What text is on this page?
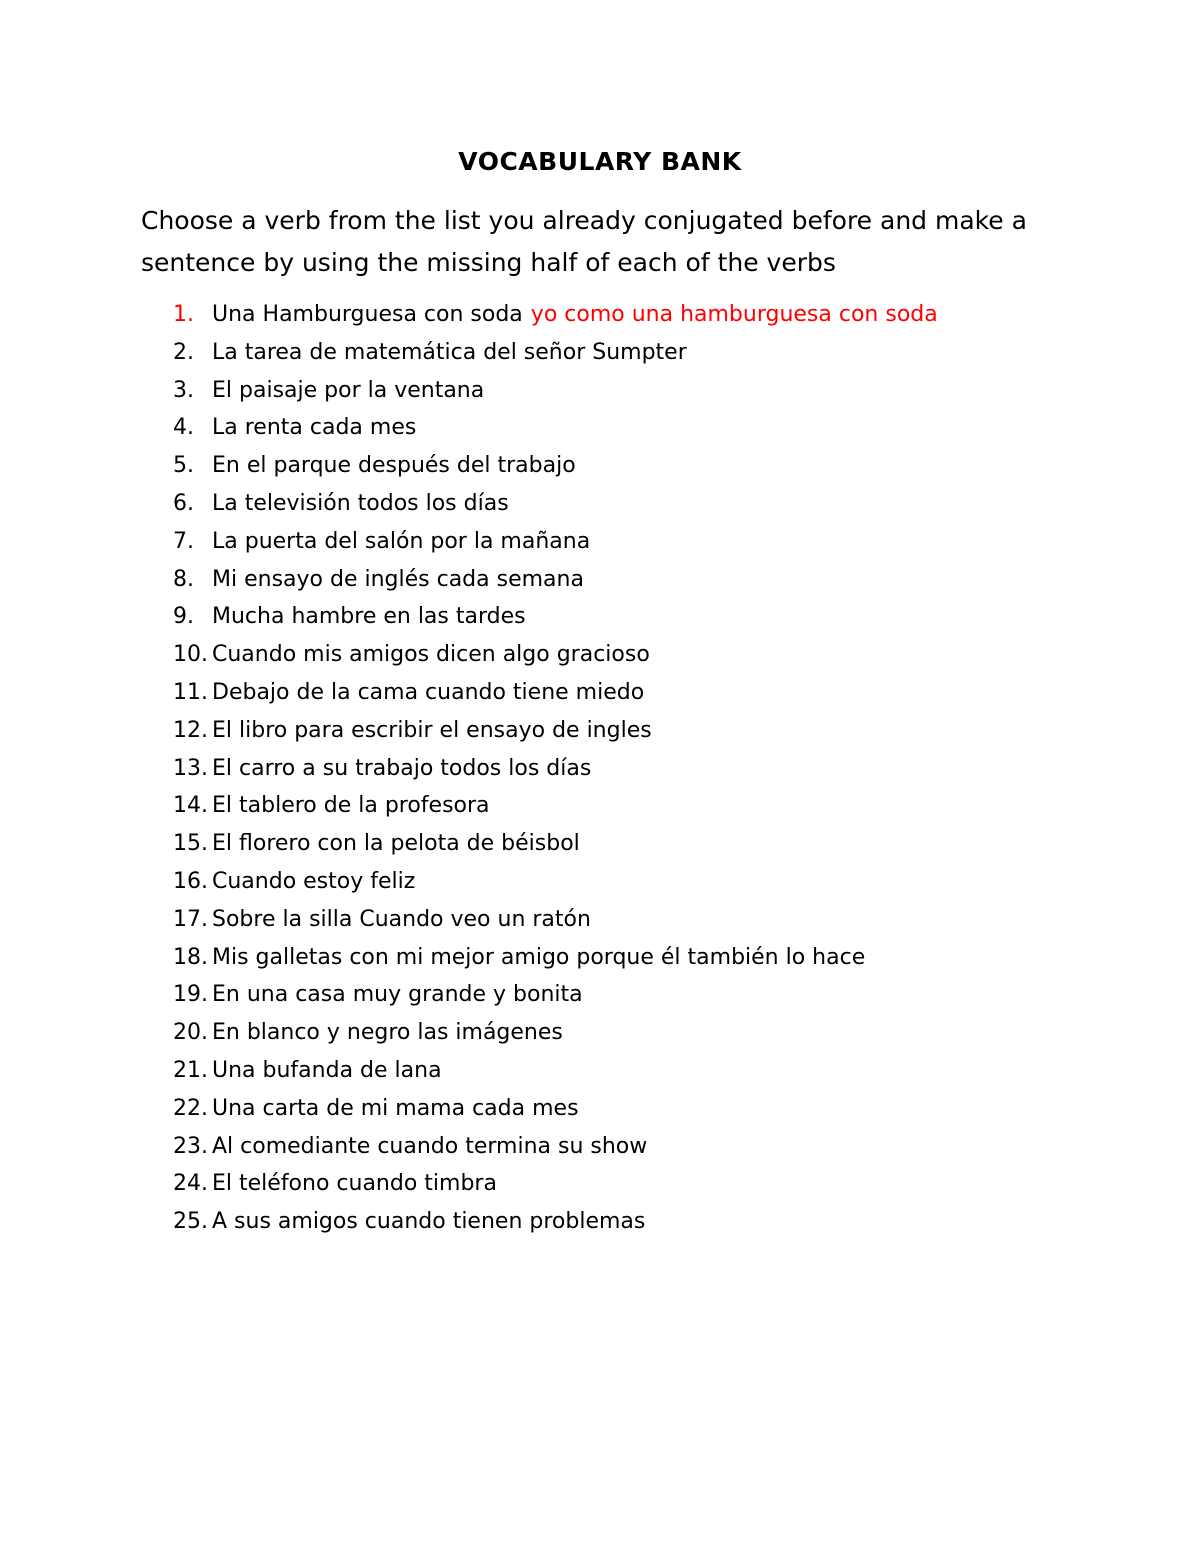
VOCABULARY BANK

Choose a verb from the list you already conjugated before and make a sentence by using the missing half of each of the verbs

1. Una Hamburguesa con soda yo como una hamburguesa con soda
2. La tarea de matemática del señor Sumpter
3. El paisaje por la ventana
4. La renta cada mes
5. En el parque después del trabajo
6. La televisión todos los días
7. La puerta del salón por la mañana
8. Mi ensayo de inglés cada semana
9. Mucha hambre en las tardes
10. Cuando mis amigos dicen algo gracioso
11. Debajo de la cama cuando tiene miedo
12. El libro para escribir el ensayo de ingles
13. El carro a su trabajo todos los días
14. El tablero de la profesora
15. El florero con la pelota de béisbol
16. Cuando estoy feliz
17. Sobre la silla Cuando veo un ratón
18. Mis galletas con mi mejor amigo porque él también lo hace
19. En una casa muy grande y bonita
20. En blanco y negro las imágenes
21. Una bufanda de lana
22. Una carta de mi mama cada mes
23. Al comediante cuando termina su show
24. El teléfono cuando timbra
25. A sus amigos cuando tienen problemas
